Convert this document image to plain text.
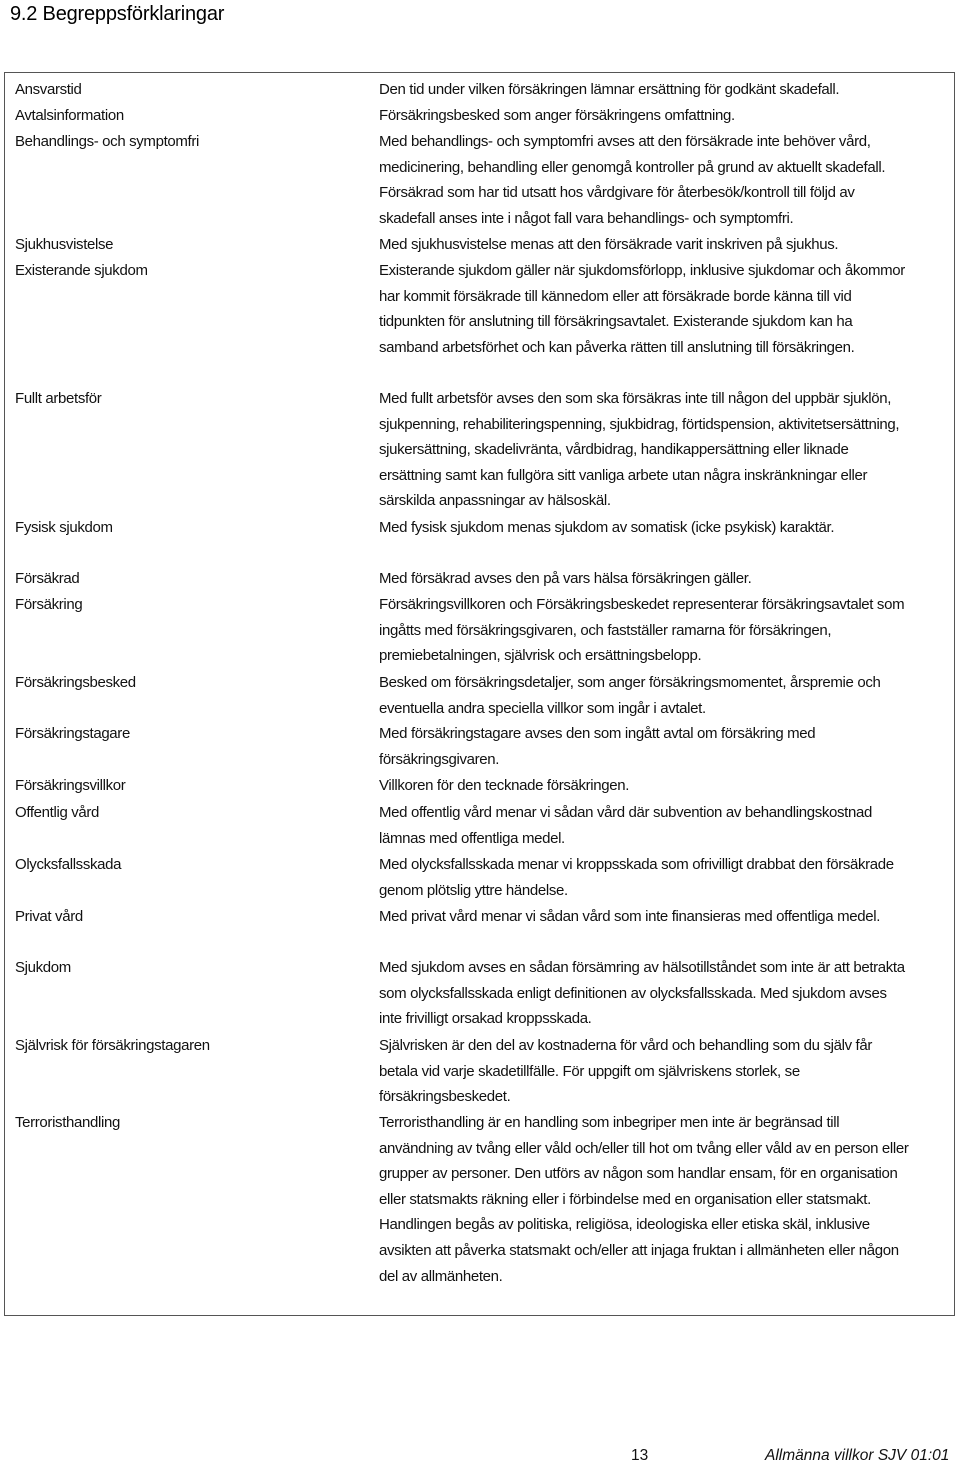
9.2 Begreppsförklaringar
Ansvarstid	Den tid under vilken försäkringen lämnar ersättning för godkänt skadefall.
Avtalsinformation	Försäkringsbesked som anger försäkringens omfattning.
Behandlings- och symptomfri	Med behandlings- och symptomfri avses att den försäkrade inte behöver vård,
medicinering, behandling eller genomgå kontroller på grund av aktuellt skadefall.
Försäkrad som har tid utsatt hos vårdgivare för återbesök/kontroll till följd av
skadefall anses inte i något fall vara behandlings- och symptomfri.
Sjukhusvistelse	Med sjukhusvistelse menas att den försäkrade varit inskriven på sjukhus.
Existerande sjukdom	Existerande sjukdom gäller när sjukdomsförlopp, inklusive sjukdomar och åkommor
har kommit försäkrade till kännedom eller att försäkrade borde känna till vid
tidpunkten för anslutning till försäkringsavtalet. Existerande sjukdom kan ha
samband arbetsförhet och kan påverka rätten till anslutning till försäkringen.
Fullt arbetsför	Med fullt arbetsför avses den som ska försäkras inte till någon del uppbär sjuklön,
sjukpenning, rehabiliteringspenning, sjukbidrag, förtidspension, aktivitetsersättning,
sjukersättning, skadelivränta, vårdbidrag, handikappersättning eller liknade
ersättning samt kan fullgöra sitt vanliga arbete utan några inskränkningar eller
särskilda anpassningar av hälsoskäl.
Fysisk sjukdom	Med fysisk sjukdom menas sjukdom av somatisk (icke psykisk) karaktär.
Försäkrad	Med försäkrad avses den på vars hälsa försäkringen gäller.
Försäkring	Försäkringsvillkoren och Försäkringsbeskedet representerar försäkringsavtalet som
ingåtts med försäkringsgivaren, och fastställer ramarna för försäkringen,
premiebetalningen, självrisk och ersättningsbelopp.
Försäkringsbesked	Besked om försäkringsdetaljer, som anger försäkringsmomentet, årspremie och
eventuella andra speciella villkor som ingår i avtalet.
Försäkringstagare	Med försäkringstagare avses den som ingått avtal om försäkring med
försäkringsgivaren.
Försäkringsvillkor	Villkoren för den tecknade försäkringen.
Offentlig vård	Med offentlig vård menar vi sådan vård där subvention av behandlingskostnad
lämnas med offentliga medel.
Olycksfallsskada	Med olycksfallsskada menar vi kroppsskada som ofrivilligt drabbat den försäkrade
genom plötslig yttre händelse.
Privat vård	Med privat vård menar vi sådan vård som inte finansieras med offentliga medel.
Sjukdom	Med sjukdom avses en sådan försämring av hälsotillståndet som inte är att betrakta
som olycksfallsskada enligt definitionen av olycksfallsskada. Med sjukdom avses
inte frivilligt orsakad kroppsskada.
Självrisk för försäkringstagaren	Självrisken är den del av kostnaderna för vård och behandling som du själv får
betala vid varje skadetillfälle. För uppgift om självriskens storlek, se
försäkringsbeskedet.
Terroristhandling	Terroristhandling är en handling som inbegriper men inte är begränsad till
användning av tvång eller våld och/eller till hot om tvång eller våld av en person eller
grupper av personer. Den utförs av någon som handlar ensam, för en organisation
eller statsmakts räkning eller i förbindelse med en organisation eller statsmakt.
Handlingen begås av politiska, religiösa, ideologiska eller etiska skäl, inklusive
avsikten att påverka statsmakt och/eller att injaga fruktan i allmänheten eller någon
del av allmänheten.
13	Allmänna villkor SJV 01:01
